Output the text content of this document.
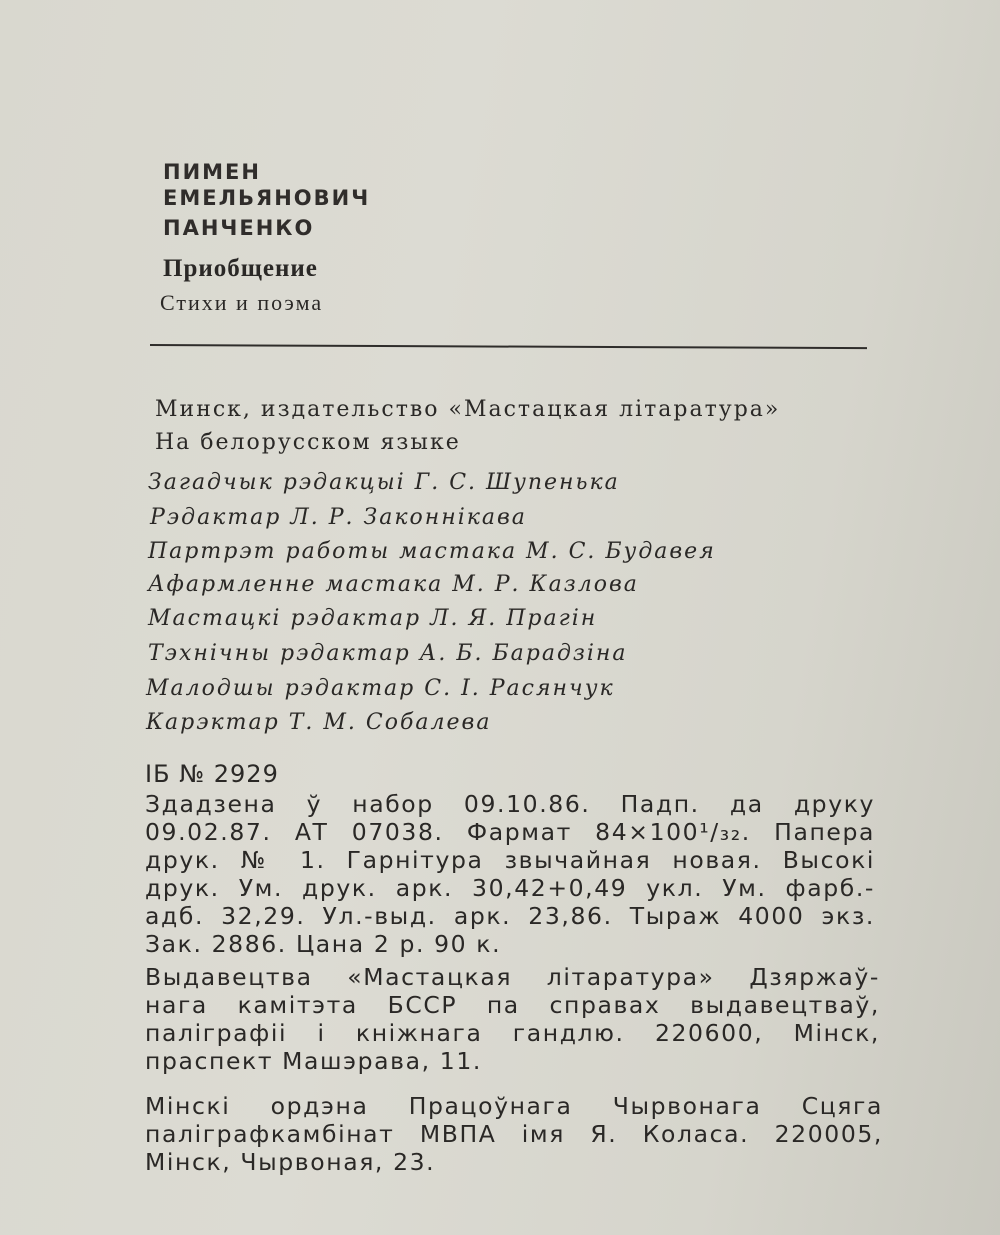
ПИМЕН

ЕМЕЛЬЯНОВИЧ

ПАНЧЕНКО

Приобщение

Стихи и поэма

Минск, издательство «Мастацкая літаратура»

На белорусском языке

Загадчык рэдакцыі Г. С. Шупенька

Рэдактар Л. Р. Законнікава

Партрэт работы мастака М. С. Будавея

Афармленне мастака М. Р. Казлова

Мастацкі рэдактар Л. Я. Прагін

Тэхнічны рэдактар А. Б. Барадзіна

Малодшы рэдактар С. І. Расянчук

Карэктар Т. М. Собалева

ІБ № 2929

Здадзена ў набор 09.10.86. Падп. да друку
09.02.87. АТ 07038. Фармат 84×100¹/₃₂. Папера
друк. № 1. Гарнітура звычайная новая. Высокі
друк. Ум. друк. арк. 30,42+0,49 укл. Ум. фарб.-
адб. 32,29. Ул.-выд. арк. 23,86. Тыраж 4000 экз.
Зак. 2886. Цана 2 р. 90 к.
Выдавецтва «Мастацкая літаратура» Дзяржаў-
нага камітэта БССР па справах выдавецтваў,
паліграфіі і кніжнага гандлю. 220600, Мінск,
праспект Машэрава, 11.
Мінскі ордэна Працоўнага Чырвонага Сцяга
паліграфкамбінат МВПА імя Я. Коласа. 220005,
Мінск, Чырвоная, 23.
